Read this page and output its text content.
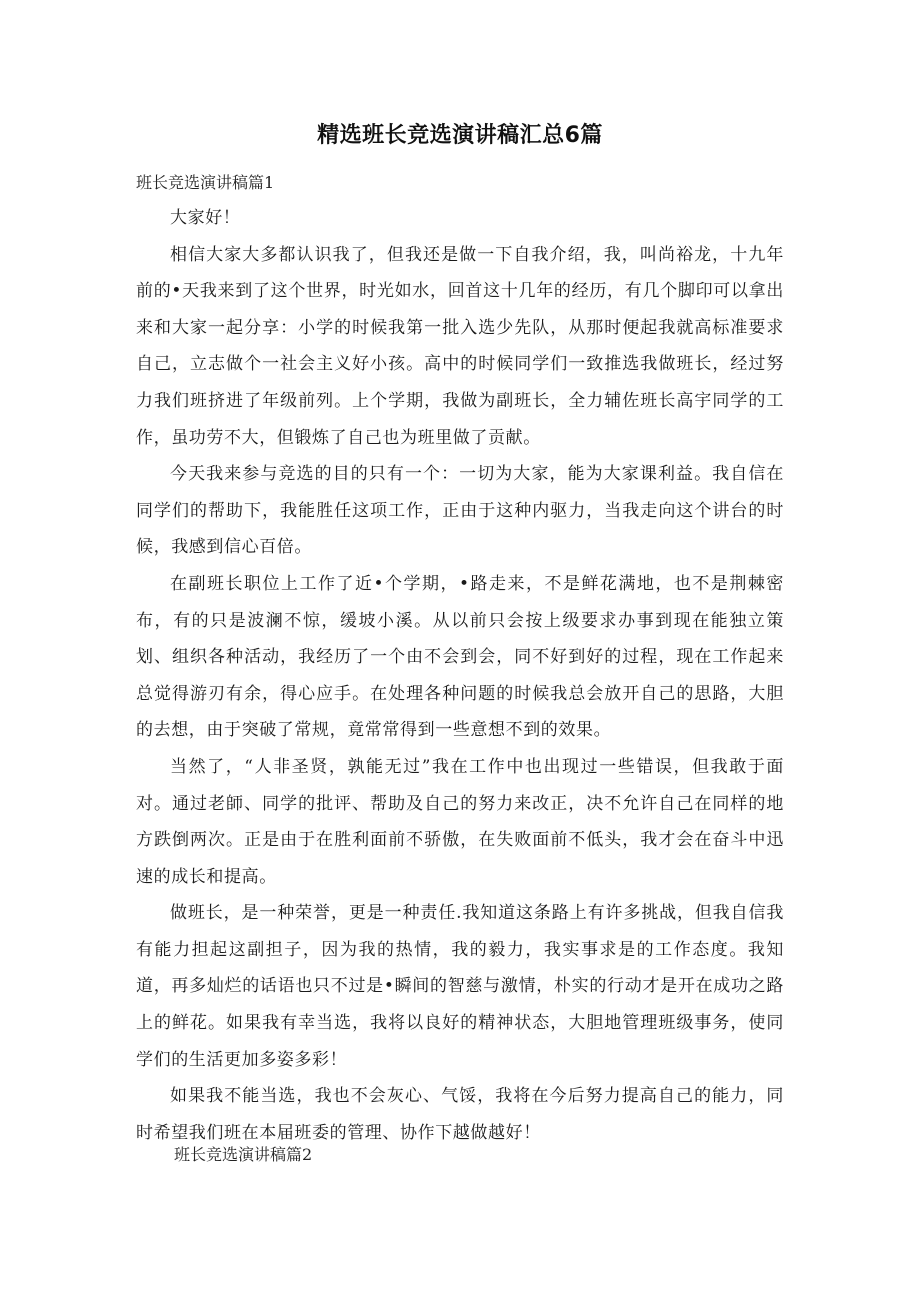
精选班长竞选演讲稿汇总6篇
班长竞选演讲稿篇1

大家好！

相信大家大多都认识我了，但我还是做一下自我介绍，我，叫尚裕龙，十九年前的•天我来到了这个世界，时光如水，回首这十几年的经历，有几个脚印可以拿出来和大家一起分享：小学的时候我第一批入选少先队，从那时便起我就高标准要求自己，立志做个一社会主义好小孩。高中的时候同学们一致推选我做班长，经过努力我们班挤进了年级前列。上个学期，我做为副班长，全力辅佐班长高宇同学的工作，虽功劳不大，但锻炼了自己也为班里做了贡献。

今天我来参与竞选的目的只有一个：一切为大家，能为大家课利益。我自信在同学们的帮助下，我能胜任这项工作，正由于这种内驱力，当我走向这个讲台的时候，我感到信心百倍。

在副班长职位上工作了近•个学期，•路走来，不是鲜花满地，也不是荆棘密布，有的只是波澜不惊，缓坡小溪。从以前只会按上级要求办事到现在能独立策划、组织各种活动，我经历了一个由不会到会，同不好到好的过程，现在工作起来总觉得游刃有余，得心应手。在处理各种问题的时候我总会放开自己的思路，大胆的去想，由于突破了常规，竟常常得到一些意想不到的效果。

当然了，“人非圣贤，孰能无过”我在工作中也出现过一些错误，但我敢于面对。通过老師、同学的批评、帮助及自己的努力来改正，决不允许自己在同样的地方跌倒两次。正是由于在胜利面前不骄傲，在失败面前不低头，我才会在奋斗中迅速的成长和提高。

做班长，是一种荣誉，更是一种责任.我知道这条路上有许多挑战，但我自信我有能力担起这副担子，因为我的热情，我的毅力，我实事求是的工作态度。我知道，再多灿烂的话语也只不过是•瞬间的智慈与激情，朴实的行动才是开在成功之路上的鲜花。如果我有幸当选，我将以良好的精神状态，大胆地管理班级事务，使同学们的生活更加多姿多彩！

如果我不能当选，我也不会灰心、气馁，我将在今后努力提高自己的能力，同时希望我们班在本届班委的管理、协作下越做越好！

班长竞选演讲稿篇2
